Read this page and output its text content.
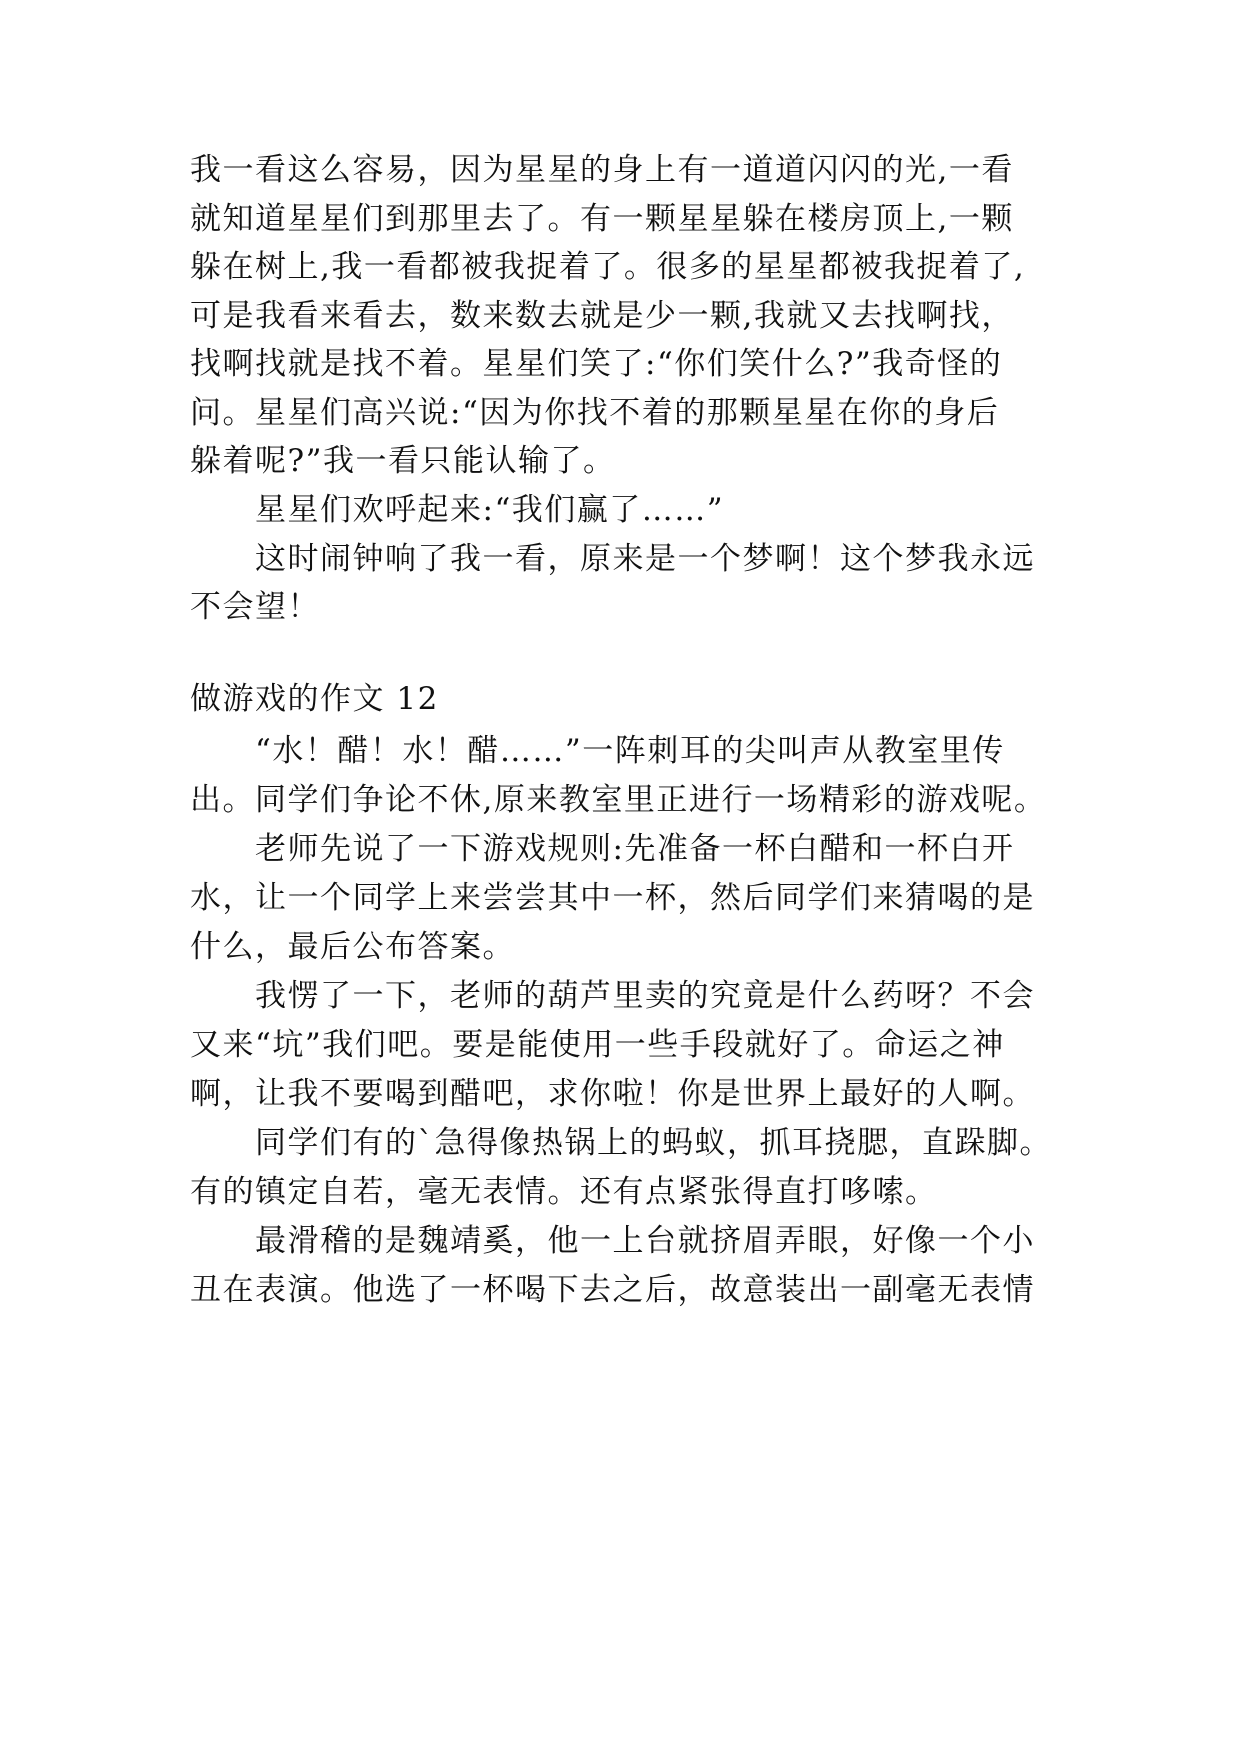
我一看这么容易，因为星星的身上有一道道闪闪的光,一看
就知道星星们到那里去了。有一颗星星躲在楼房顶上,一颗
躲在树上,我一看都被我捉着了。很多的星星都被我捉着了,
可是我看来看去，数来数去就是少一颗,我就又去找啊找，
找啊找就是找不着。星星们笑了:“你们笑什么?”我奇怪的
问。星星们高兴说:“因为你找不着的那颗星星在你的身后
躲着呢?”我一看只能认输了。
星星们欢呼起来:“我们赢了……”
这时闹钟响了我一看，原来是一个梦啊！这个梦我永远
不会望！
做游戏的作文 12
“水！醋！水！醋……”一阵刺耳的尖叫声从教室里传
出。同学们争论不休,原来教室里正进行一场精彩的游戏呢。
老师先说了一下游戏规则:先准备一杯白醋和一杯白开
水，让一个同学上来尝尝其中一杯，然后同学们来猜喝的是
什么，最后公布答案。
我愣了一下，老师的葫芦里卖的究竟是什么药呀？不会
又来“坑”我们吧。要是能使用一些手段就好了。命运之神
啊，让我不要喝到醋吧，求你啦！你是世界上最好的人啊。
同学们有的`急得像热锅上的蚂蚁，抓耳挠腮，直跺脚。
有的镇定自若，毫无表情。还有点紧张得直打哆嗦。
最滑稽的是魏靖奚，他一上台就挤眉弄眼，好像一个小
丑在表演。他选了一杯喝下去之后，故意装出一副毫无表情
